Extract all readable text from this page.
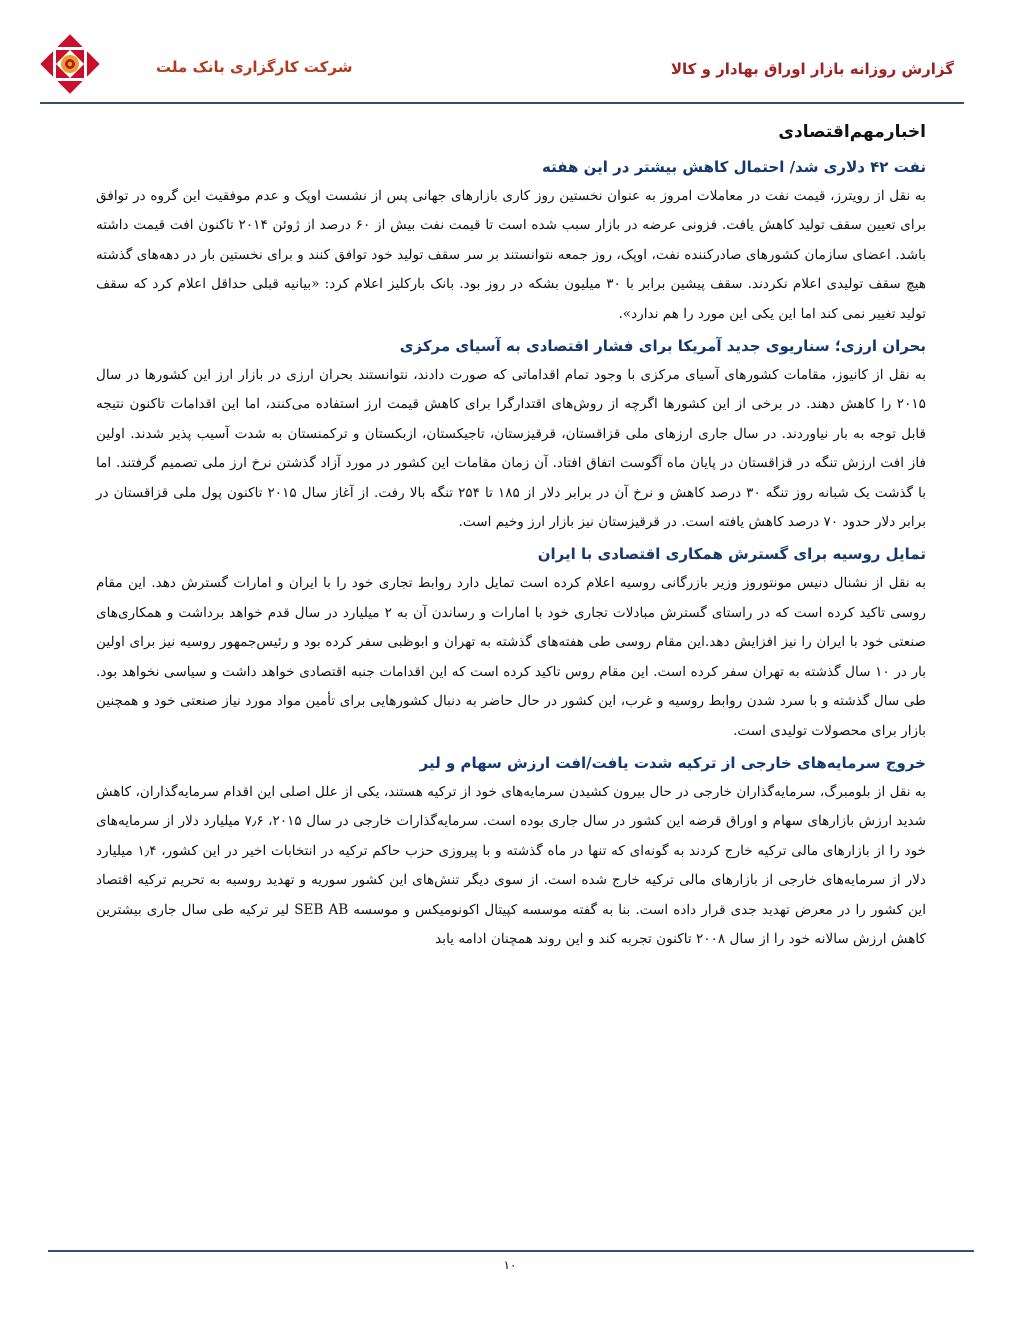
شرکت کارگزاری بانک ملت	گزارش روزانه بازار اوراق بهادار و کالا
اخبارمهم‌اقتصادی
نفت ۴۲ دلاری شد/ احتمال کاهش بیشتر در این هفته

به نقل از رویترز، قیمت نفت در معاملات امروز به عنوان نخستین روز کاری بازارهای جهانی پس از نشست اوپک و عدم موفقیت این گروه در توافق برای تعیین سقف تولید کاهش یافت. فزونی عرضه در بازار سبب شده است تا قیمت نفت بیش از ۶۰ درصد از ژوئن ۲۰۱۴ تاکنون افت قیمت داشته باشد. اعضای سازمان کشورهای صادرکننده نفت، اوپک، روز جمعه نتوانستند بر سر سقف تولید خود توافق کنند و برای نخستین بار در دهه‌های گذشته هیچ سقف تولیدی اعلام نکردند. سقف پیشین برابر با ۳۰ میلیون بشکه در روز بود. بانک بارکلیز اعلام کرد: «بیانیه قبلی حداقل اعلام کرد که سقف تولید تغییر نمی کند اما این یکی این مورد را هم ندارد».

بحران ارزی؛ سناریوی جدید آمریکا برای فشار اقتصادی به آسیای مرکزی

به نقل از کانیوز، مقامات کشورهای آسیای مرکزی با وجود تمام اقداماتی که صورت دادند، نتوانستند بحران ارزی در بازار ارز این کشورها در سال ۲۰۱۵ را کاهش دهند. در برخی از این کشورها اگرچه از روش‌های اقتدارگرا برای کاهش قیمت ارز استفاده می‌کنند، اما این اقدامات تاکنون نتیجه قابل توجه به بار نیاوردند. در سال جاری ارزهای ملی قزاقستان، قرقیزستان، تاجیکستان، ازبکستان و ترکمنستان به شدت آسیب پذیر شدند. اولین فاز افت ارزش تنگه در قزاقستان در پایان ماه آگوست اتفاق افتاد. آن زمان مقامات این کشور در مورد آزاد گذشتن نرخ ارز ملی تصمیم گرفتند. اما با گذشت یک شبانه روز تنگه ۳۰ درصد کاهش و نرخ آن در برابر دلار از ۱۸۵ تا ۲۵۴ تنگه بالا رفت. از آغاز سال ۲۰۱۵ تاکنون پول ملی قزاقستان در برابر دلار حدود ۷۰ درصد کاهش یافته است. در قرقیزستان نیز بازار ارز وخیم است.

تمایل روسیه برای گسترش همکاری اقتصادی با ایران

به نقل از نشنال دنیس مونتوروز وزیر بازرگانی روسیه اعلام کرده است تمایل دارد روابط تجاری خود را با ایران و امارات گسترش دهد. این مقام روسی تاکید کرده است که در راستای گسترش مبادلات تجاری خود با امارات و رساندن آن به ۲ میلیارد در سال قدم خواهد برداشت و همکاری‌های صنعتی خود با ایران را نیز افزایش دهد.این مقام روسی طی هفته‌های گذشته به تهران و ابوظبی سفر کرده بود و رئیس‌جمهور روسیه نیز برای اولین بار در ۱۰ سال گذشته به تهران سفر کرده است. این مقام روس تاکید کرده است که این اقدامات جنبه اقتصادی خواهد داشت و سیاسی نخواهد بود. طی سال گذشته و با سرد شدن روابط روسیه و غرب، این کشور در حال حاضر به دنبال کشورهایی برای تأمین مواد مورد نیاز صنعتی خود و همچنین بازار برای محصولات تولیدی است.

خروج سرمایه‌های خارجی از ترکیه شدت یافت/افت ارزش سهام و لیر

به نقل از بلومبرگ، سرمایه‌گذاران خارجی در حال بیرون کشیدن سرمایه‌های خود از ترکیه هستند، یکی از علل اصلی این اقدام سرمایه‌گذاران، کاهش شدید ارزش بازارهای سهام و اوراق قرضه این کشور در سال جاری بوده است. سرمایه‌گذارات خارجی در سال ۲۰۱۵، ۷٫۶ میلیارد دلار از سرمایه‌های خود را از بازارهای مالی ترکیه خارج کردند به گونه‌ای که تنها در ماه گذشته و با پیروزی حزب حاکم ترکیه در انتخابات اخیر در این کشور، ۱٫۴ میلیارد دلار از سرمایه‌های خارجی از بازارهای مالی ترکیه خارج شده است. از سوی دیگر تنش‌های این کشور سوریه و تهدید روسیه به تحریم ترکیه اقتصاد این کشور را در معرض تهدید جدی قرار داده است. بنا به گفته موسسه کپیتال اکونومیکس و موسسه SEB AB لیر ترکیه طی سال جاری بیشترین کاهش ارزش سالانه خود را از سال ۲۰۰۸ تاکنون تجربه کند و این روند همچنان ادامه یابد

۱۰
